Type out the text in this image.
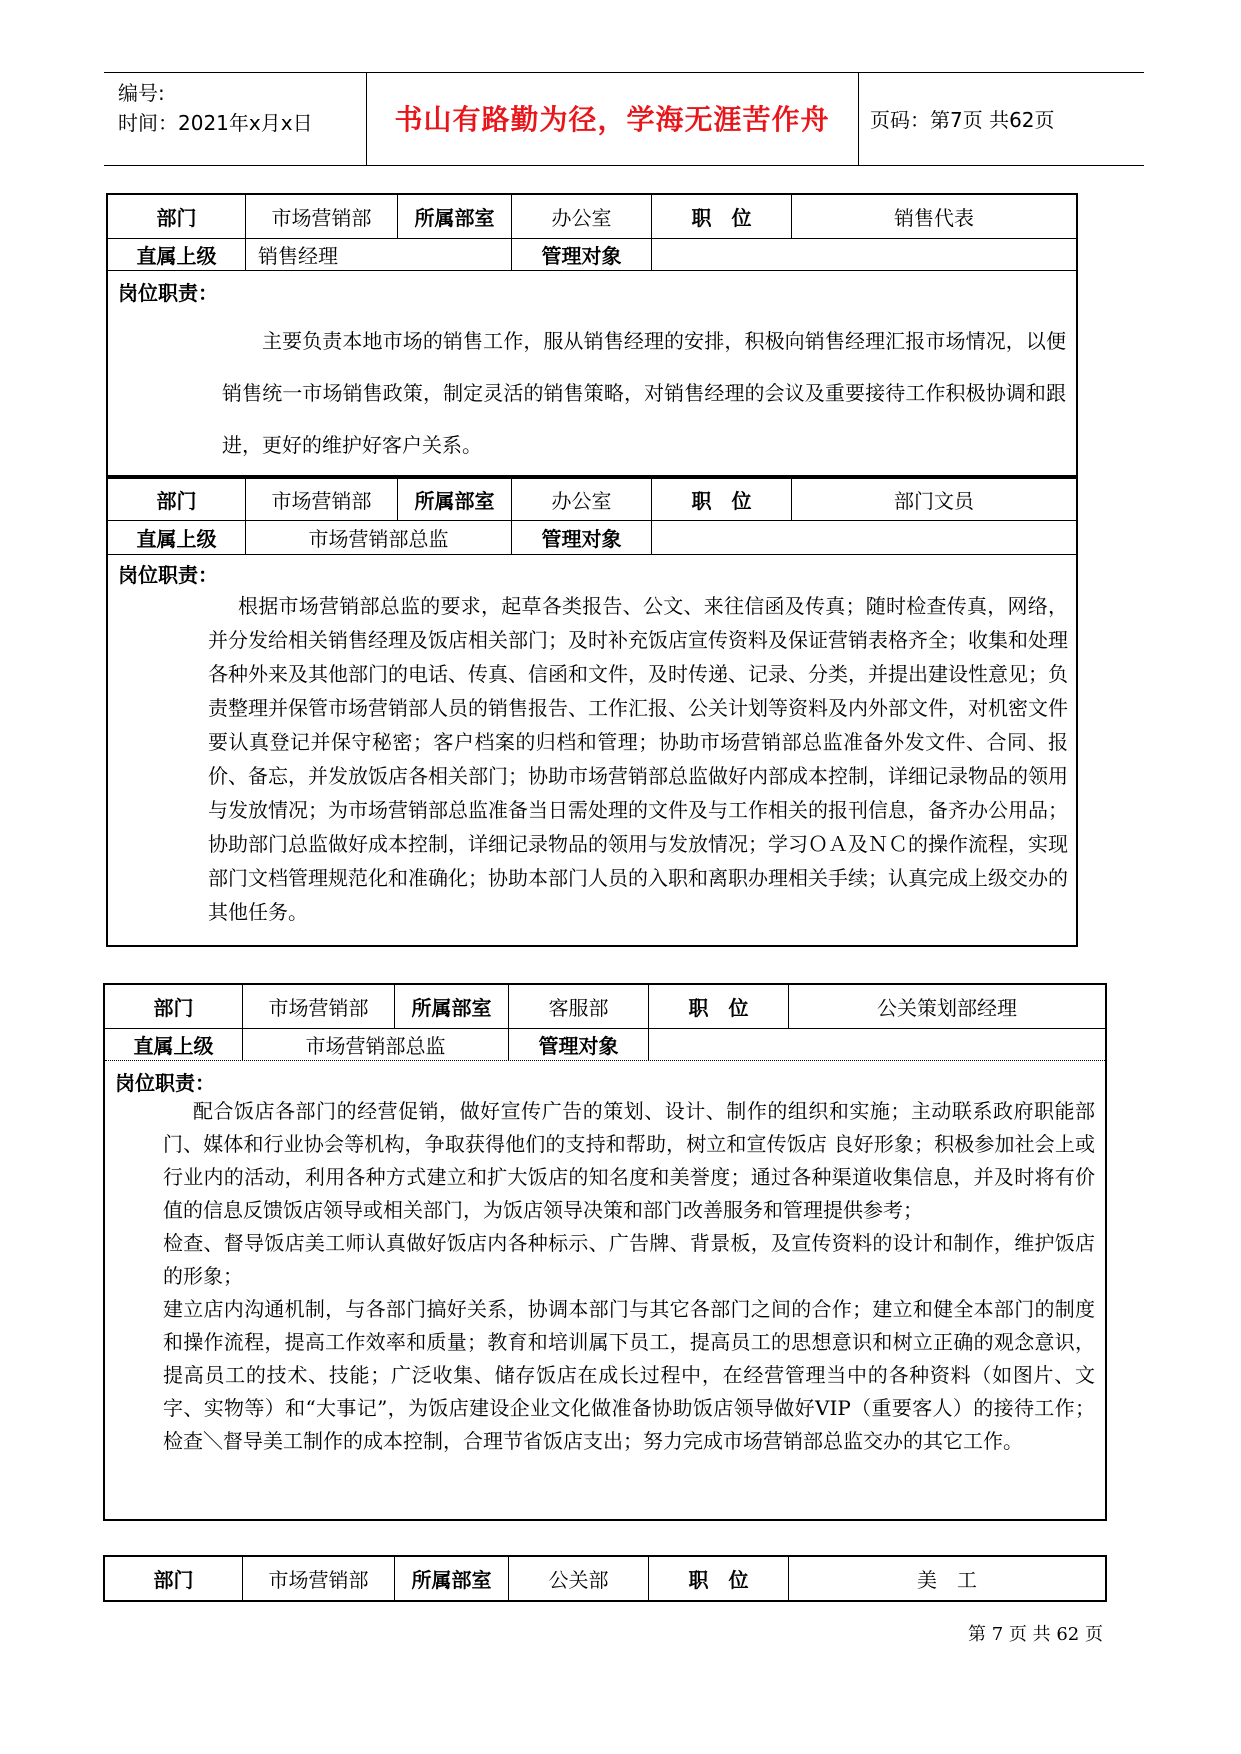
编号:
时间：2021年x月x日	书山有路勤为径，学海无涯苦作舟	页码：第7页 共62页
部门	市场营销部	所属部室	办公室	职　位	销售代表
直属上级	销售经理	管理对象
岗位职责：
主要负责本地市场的销售工作，服从销售经理的安排，积极向销售经理汇报市场情况，以便销售统一市场销售政策，制定灵活的销售策略，对销售经理的会议及重要接待工作积极协调和跟进，更好的维护好客户关系。
部门	市场营销部	所属部室	办公室	职　位	部门文员
直属上级	市场营销部总监	管理对象
岗位职责：
根据市场营销部总监的要求，起草各类报告、公文、来往信函及传真；随时检查传真，网络，并分发给相关销售经理及饭店相关部门；及时补充饭店宣传资料及保证营销表格齐全；收集和处理各种外来及其他部门的电话、传真、信函和文件，及时传递、记录、分类，并提出建设性意见；负责整理并保管市场营销部人员的销售报告、工作汇报、公关计划等资料及内外部文件，对机密文件要认真登记并保守秘密；客户档案的归档和管理；协助市场营销部总监准备外发文件、合同、报价、备忘，并发放饭店各相关部门；协助市场营销部总监做好内部成本控制，详细记录物品的领用与发放情况；为市场营销部总监准备当日需处理的文件及与工作相关的报刊信息，备齐办公用品；协助部门总监做好成本控制，详细记录物品的领用与发放情况；学习ＯＡ及ＮＣ的操作流程，实现部门文档管理规范化和准确化；协助本部门人员的入职和离职办理相关手续；认真完成上级交办的其他任务。
部门	市场营销部	所属部室	客服部	职　位	公关策划部经理
直属上级	市场营销部总监	管理对象
岗位职责：

配合饭店各部门的经营促销，做好宣传广告的策划、设计、制作的组织和实施；主动联系政府职能部门、媒体和行业协会等机构，争取获得他们的支持和帮助，树立和宣传饭店 良好形象；积极参加社会上或行业内的活动，利用各种方式建立和扩大饭店的知名度和美誉度；通过各种渠道收集信息，并及时将有价值的信息反馈饭店领导或相关部门，为饭店领导决策和部门改善服务和管理提供参考；

检查、督导饭店美工师认真做好饭店内各种标示、广告牌、背景板，及宣传资料的设计和制作，维护饭店的形象；

建立店内沟通机制，与各部门搞好关系，协调本部门与其它各部门之间的合作；建立和健全本部门的制度和操作流程，提高工作效率和质量；教育和培训属下员工，提高员工的思想意识和树立正确的观念意识，提高员工的技术、技能；广泛收集、储存饭店在成长过程中，在经营管理当中的各种资料（如图片、文字、实物等）和“大事记”，为饭店建设企业文化做准备协助饭店领导做好VIP（重要客人）的接待工作；检查＼督导美工制作的成本控制，合理节省饭店支出；努力完成市场营销部总监交办的其它工作。

部门	市场营销部	所属部室	公关部	职　位	美　工
第 7 页 共 62 页
